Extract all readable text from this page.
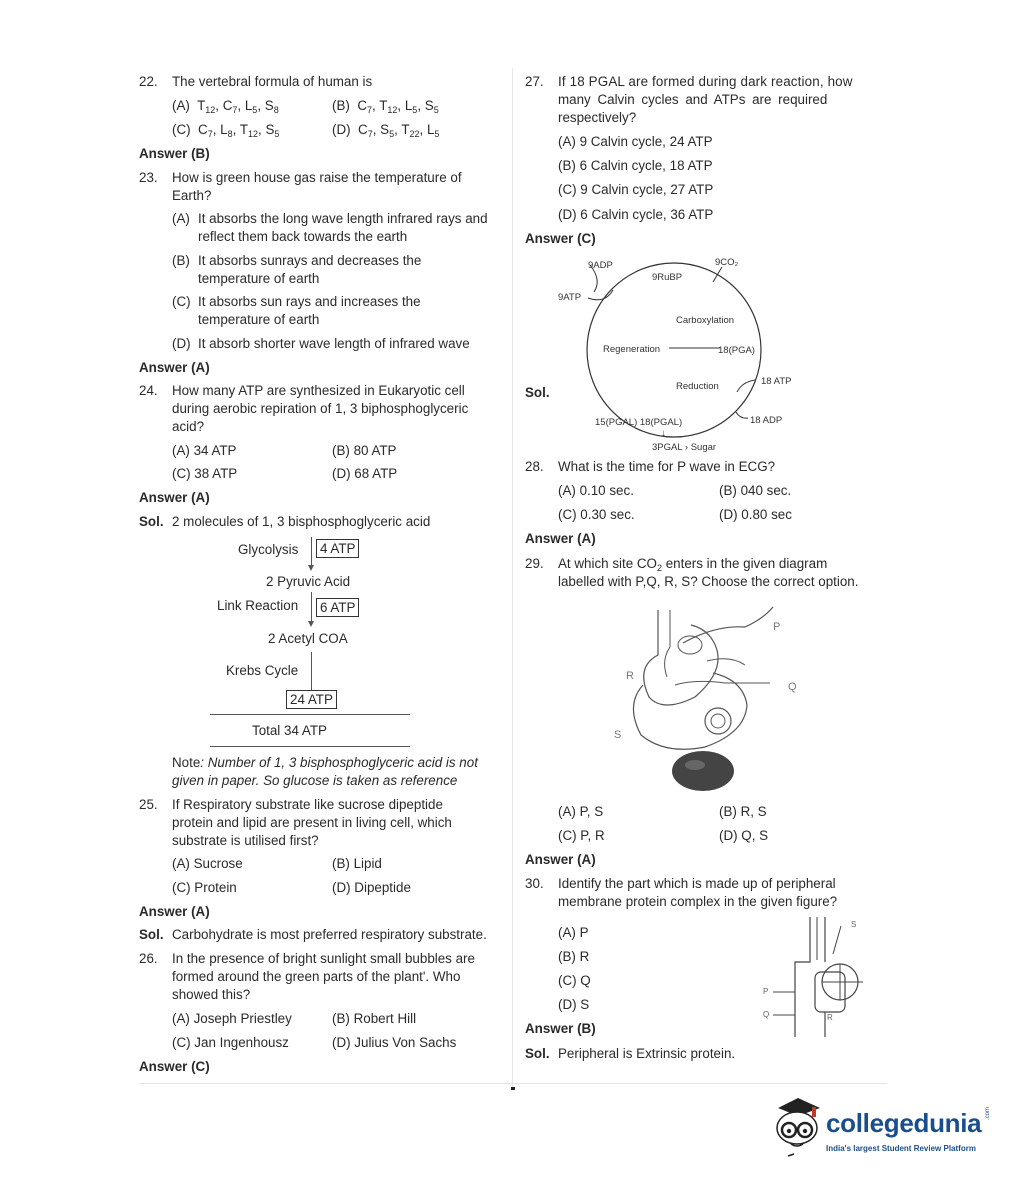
22. The vertebral formula of human is
(A) $T_{12}$, $C_7$, $L_5$, $S_8$	(B) $C_7$, $T_{12}$, $L_5$, $S_5$
(C) $C_7$, $L_8$, $T_{12}$, $S_5$	(D) $C_7$, $S_5$, $T_{22}$, $L_5$
Answer (B)
23. How is green house gas raise the temperature of
Earth?
(A) It absorbs the long wave length infrared rays and
reflect them back towards the earth
(B) It absorbs sunrays and decreases the
temperature of earth
(C) It absorbs sun rays and increases the
temperature of earth
(D) It absorb shorter wave length of infrared wave
Answer (A)
24. How many ATP are synthesized in Eukaryotic cell
during aerobic repiration of 1, 3 biphosphoglyceric
acid?
(A) 34 ATP	(B) 80 ATP
(C) 38 ATP	(D) 68 ATP
Answer (A)
Sol. 2 molecules of 1, 3 bisphosphoglyceric acid
Glycolysis 4 ATP
2 Pyruvic Acid
Link Reaction 6 ATP
2 Acetyl COA
Krebs Cycle
24 ATP
Total 34 ATP
Note: Number of 1, 3 bisphosphoglyceric acid is not
given in paper. So glucose is taken as reference
25. If Respiratory substrate like sucrose dipeptide
protein and lipid are present in living cell, which
substrate is utilised first?
(A) Sucrose	(B) Lipid
(C) Protein	(D) Dipeptide
Answer (A)
Sol. Carbohydrate is most preferred respiratory substrate.
26. In the presence of bright sunlight small bubbles are
formed around the green parts of the plant'. Who
showed this?
(A) Joseph Priestley	(B) Robert Hill
(C) Jan Ingenhousz	(D) Julius Von Sachs
Answer (C)
27. If 18 PGAL are formed during dark reaction, how
many Calvin cycles and ATPs are required
respectively?
(A) 9 Calvin cycle, 24 ATP
(B) 6 Calvin cycle, 18 ATP
(C) 9 Calvin cycle, 27 ATP
(D) 6 Calvin cycle, 36 ATP
Answer (C)
Sol.
9ADP	9CO₂
9RuBP
9ATP
Carboxylation
Regeneration	18(PGA)
Reduction	18 ATP
18 ADP
15(PGAL) 18(PGAL)
↓
3PGAL › Sugar
28. What is the time for P wave in ECG?
(A) 0.10 sec.	(B) 040 sec.
(C) 0.30 sec.	(D) 0.80 sec
Answer (A)
29. At which site $CO_2$ enters in the given diagram
labelled with P,Q, R, S? Choose the correct option.
P
Q
R
S
(A) P, S	(B) R, S
(C) P, R	(D) Q, S
Answer (A)
30. Identify the part which is made up of peripheral
membrane protein complex in the given figure?
(A) P
(B) R
(C) Q
(D) S
S
P
Q	R
Answer (B)
Sol. Peripheral is Extrinsic protein.
collegedunia .com
India's largest Student Review Platform
